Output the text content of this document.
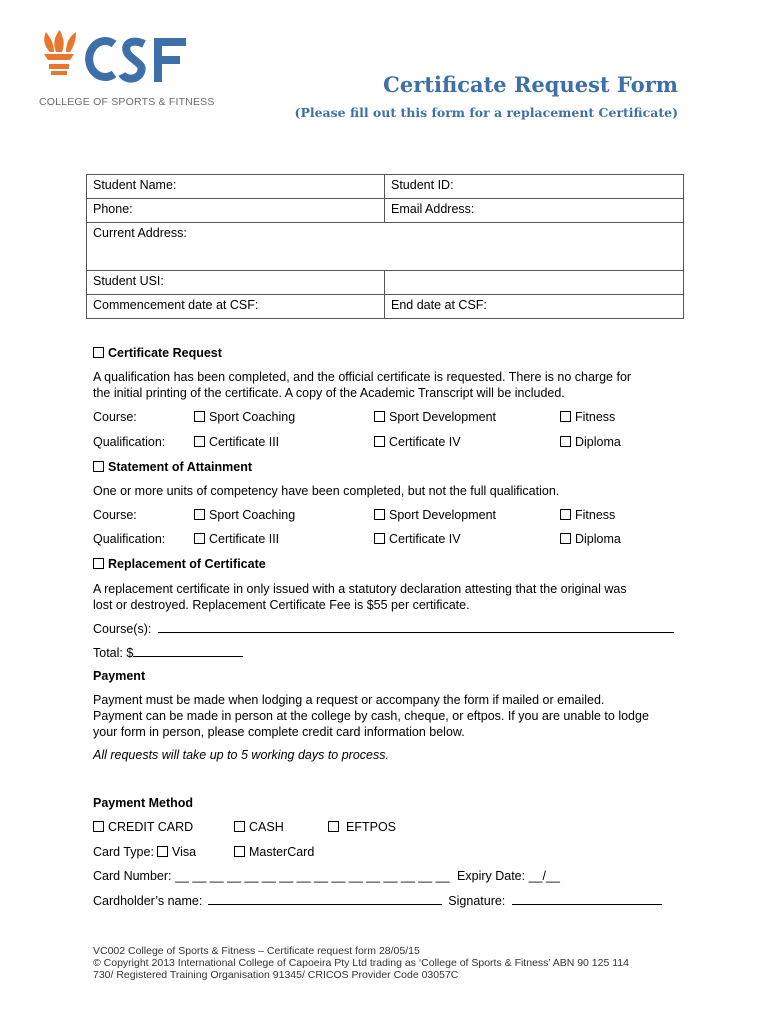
COLLEGE OF SPORTS & FITNESS
Certificate Request Form
(Please fill out this form for a replacement Certificate)
Student Name:	Student ID:
Phone:	Email Address:
Current Address:	
Student USI:	
Commencement date at CSF:	End date at CSF:
Certificate Request
A qualification has been completed, and the official certificate is requested. There is no charge for
the initial printing of the certificate. A copy of the Academic Transcript will be included.
Course:	Sport Coaching	Sport Development	Fitness
Qualification:	Certificate III	Certificate IV	Diploma
Statement of Attainment
One or more units of competency have been completed, but not the full qualification.
Course:	Sport Coaching	Sport Development	Fitness
Qualification:	Certificate III	Certificate IV	Diploma
Replacement of Certificate
A replacement certificate in only issued with a statutory declaration attesting that the original was
lost or destroyed. Replacement Certificate Fee is $55 per certificate.
Course(s):
Total: $
Payment
Payment must be made when lodging a request or accompany the form if mailed or emailed.
Payment can be made in person at the college by cash, cheque, or eftpos. If you are unable to lodge
your form in person, please complete credit card information below.
All requests will take up to 5 working days to process.
Payment Method
CREDIT CARD	CASH	EFTPOS
Card Type:	Visa	MasterCard
Card Number: __ __ __ __ __ __ __ __ __ __ __ __ __ __ __ __ Expiry Date: __/__
Cardholder’s name:	Signature:
VC002 College of Sports & Fitness – Certificate request form 28/05/15
© Copyright 2013 International College of Capoeira Pty Ltd trading as ‘College of Sports & Fitness’ ABN 90 125 114
730/ Registered Training Organisation 91345/ CRICOS Provider Code 03057C
